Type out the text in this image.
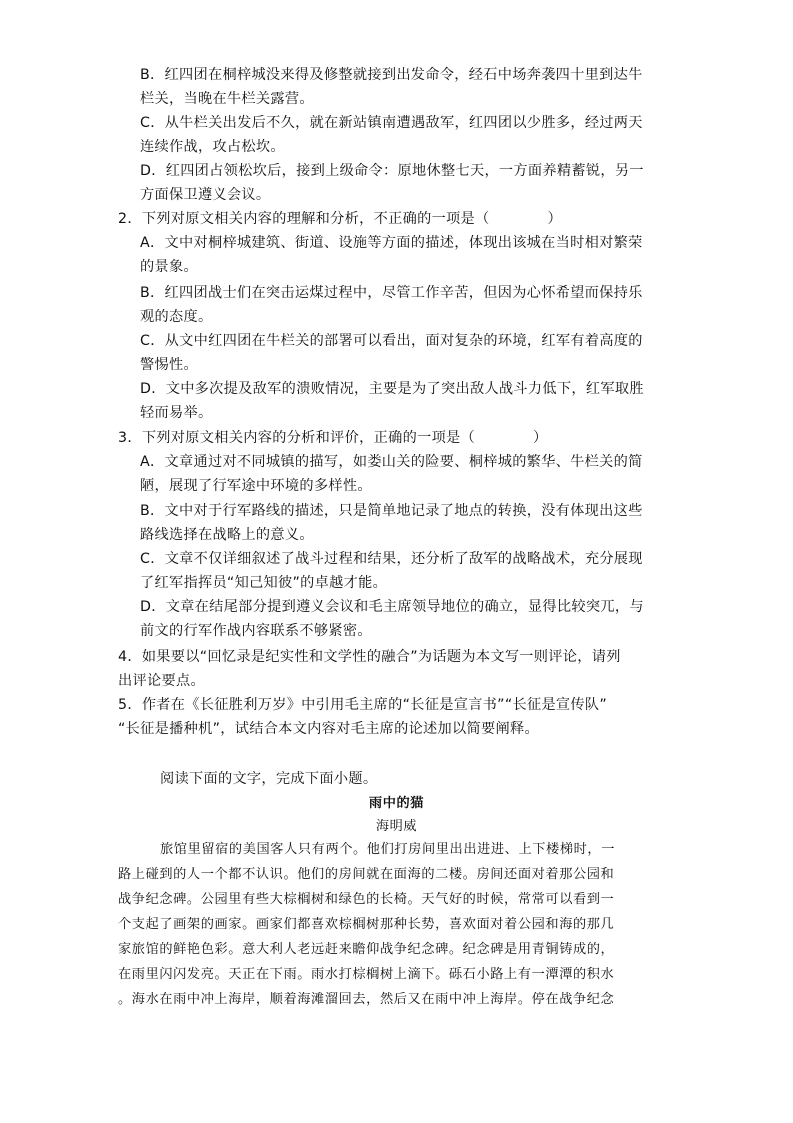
B．红四团在桐梓城没来得及修整就接到出发命令，经石中场奔袭四十里到达牛
栏关，当晚在牛栏关露营。
C．从牛栏关出发后不久，就在新站镇南遭遇敌军，红四团以少胜多，经过两天
连续作战，攻占松坎。
D．红四团占领松坎后，接到上级命令：原地休整七天，一方面养精蓄锐，另一
方面保卫遵义会议。
2．下列对原文相关内容的理解和分析，不正确的一项是（　　　　）
A．文中对桐梓城建筑、街道、设施等方面的描述，体现出该城在当时相对繁荣
的景象。
B．红四团战士们在突击运煤过程中，尽管工作辛苦，但因为心怀希望而保持乐
观的态度。
C．从文中红四团在牛栏关的部署可以看出，面对复杂的环境，红军有着高度的
警惕性。
D．文中多次提及敌军的溃败情况，主要是为了突出敌人战斗力低下，红军取胜
轻而易举。
3．下列对原文相关内容的分析和评价，正确的一项是（　　　　）
A．文章通过对不同城镇的描写，如娄山关的险要、桐梓城的繁华、牛栏关的简
陋，展现了行军途中环境的多样性。
B．文中对于行军路线的描述，只是简单地记录了地点的转换，没有体现出这些
路线选择在战略上的意义。
C．文章不仅详细叙述了战斗过程和结果，还分析了敌军的战略战术，充分展现
了红军指挥员“知己知彼”的卓越才能。
D．文章在结尾部分提到遵义会议和毛主席领导地位的确立，显得比较突兀，与
前文的行军作战内容联系不够紧密。
4．如果要以“回忆录是纪实性和文学性的融合”为话题为本文写一则评论，请列
出评论要点。
5．作者在《长征胜利万岁》中引用毛主席的“长征是宣言书”“长征是宣传队”
“长征是播种机”，试结合本文内容对毛主席的论述加以简要阐释。
阅读下面的文字，完成下面小题。
雨中的猫
海明威
旅馆里留宿的美国客人只有两个。他们打房间里出出进进、上下楼梯时，一
路上碰到的人一个都不认识。他们的房间就在面海的二楼。房间还面对着那公园和
战争纪念碑。公园里有些大棕榈树和绿色的长椅。天气好的时候，常常可以看到一
个支起了画架的画家。画家们都喜欢棕榈树那种长势，喜欢面对着公园和海的那几
家旅馆的鲜艳色彩。意大利人老远赶来瞻仰战争纪念碑。纪念碑是用青铜铸成的，
在雨里闪闪发亮。天正在下雨。雨水打棕榈树上滴下。砾石小路上有一潭潭的积水
。海水在雨中冲上海岸，顺着海滩溜回去，然后又在雨中冲上海岸。停在战争纪念
